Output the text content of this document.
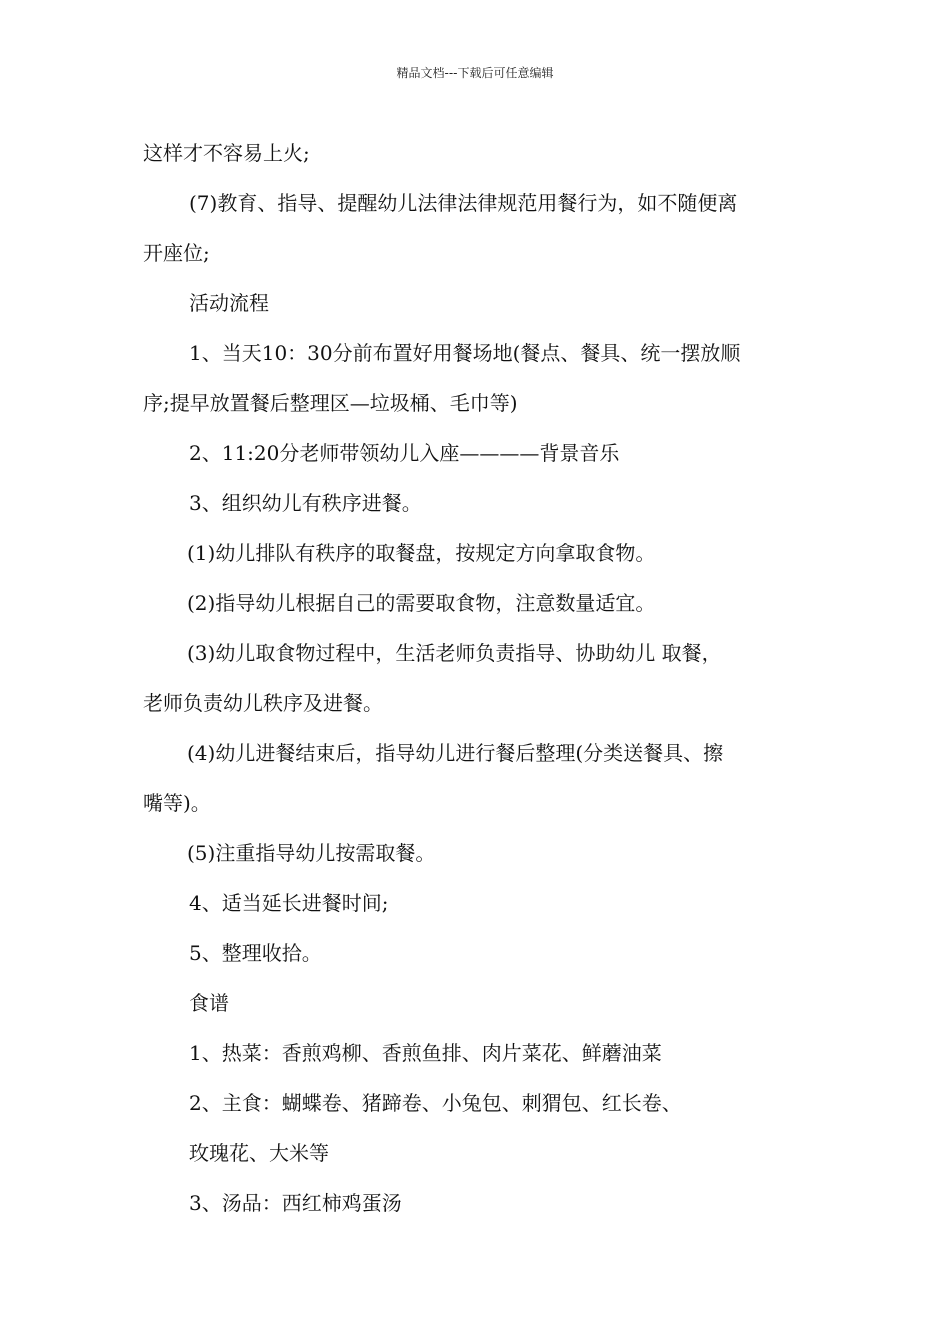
精品文档---下载后可任意编辑
这样才不容易上火;
(7)教育、指导、提醒幼儿法律法律规范用餐行为，如不随便离
开座位;
活动流程
1、当天10：30分前布置好用餐场地(餐点、餐具、统一摆放顺
序;提早放置餐后整理区—垃圾桶、毛巾等)
2、11:20分老师带领幼儿入座————背景音乐
3、组织幼儿有秩序进餐。
(1)幼儿排队有秩序的取餐盘，按规定方向拿取食物。
(2)指导幼儿根据自己的需要取食物，注意数量适宜。
(3)幼儿取食物过程中，生活老师负责指导、协助幼儿 取餐，
老师负责幼儿秩序及进餐。
(4)幼儿进餐结束后，指导幼儿进行餐后整理(分类送餐具、擦
嘴等)。
(5)注重指导幼儿按需取餐。
4、适当延长进餐时间;
5、整理收拾。
食谱
1、热菜：香煎鸡柳、香煎鱼排、肉片菜花、鲜蘑油菜
2、主食：蝴蝶卷、猪蹄卷、小兔包、刺猬包、红长卷、
玫瑰花、大米等
3、汤品：西红柿鸡蛋汤
